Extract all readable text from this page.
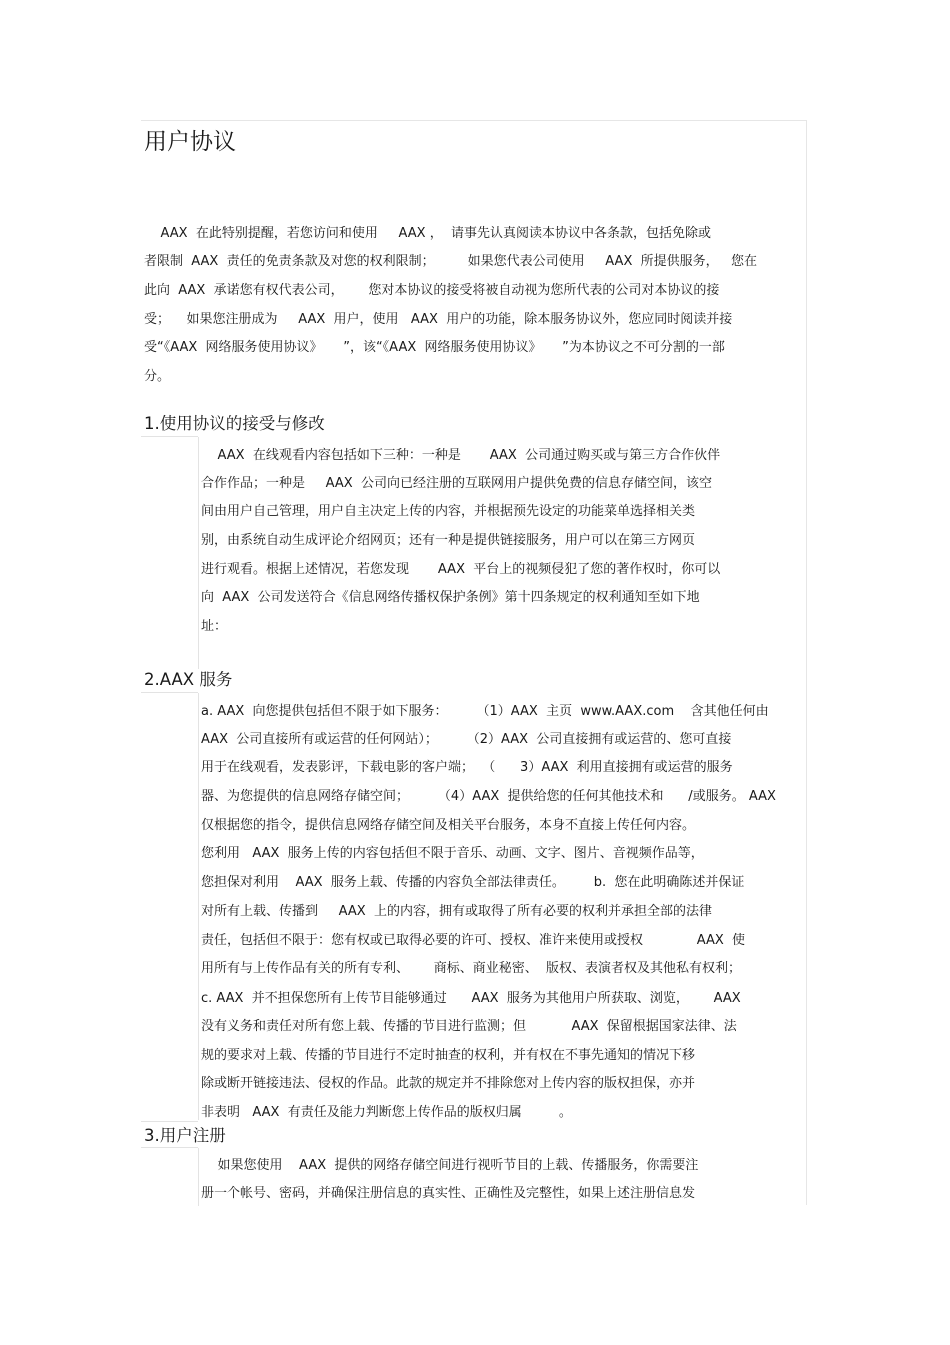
用户协议

AAX  在此特别提醒，若您访问和使用     AAX ，  请事先认真阅读本协议中各条款，包括免除或

者限制  AAX  责任的免责条款及对您的权利限制；        如果您代表公司使用     AAX  所提供服务，   您在

此向  AAX  承诺您有权代表公司，      您对本协议的接受将被自动视为您所代表的公司对本协议的接

受；    如果您注册成为     AAX  用户，使用   AAX  用户的功能，除本服务协议外，您应同时阅读并接

受“《AAX  网络服务使用协议》     ”，该“《AAX  网络服务使用协议》     ”为本协议之不可分割的一部

分。

1.使用协议的接受与修改

AAX  在线观看内容包括如下三种：一种是       AAX  公司通过购买或与第三方合作伙伴

合作作品；一种是     AAX  公司向已经注册的互联网用户提供免费的信息存储空间，该空

间由用户自己管理，用户自主决定上传的内容，并根据预先设定的功能菜单选择相关类

别，由系统自动生成评论介绍网页；还有一种是提供链接服务，用户可以在第三方网页

进行观看。根据上述情况，若您发现       AAX  平台上的视频侵犯了您的著作权时，你可以

向  AAX  公司发送符合《信息网络传播权保护条例》第十四条规定的权利通知至如下地

址：

2.AAX 服务

a. AAX  向您提供包括但不限于如下服务：       （1）AAX  主页  www.AAX.com    含其他任何由

AAX  公司直接所有或运营的任何网站）；       （2）AAX  公司直接拥有或运营的、您可直接

用于在线观看，发表影评，下载电影的客户端；  （      3）AAX  利用直接拥有或运营的服务

器、为您提供的信息网络存储空间；       （4）AAX  提供给您的任何其他技术和      /或服务。 AAX

仅根据您的指令，提供信息网络存储空间及相关平台服务，本身不直接上传任何内容。

您利用   AAX  服务上传的内容包括但不限于音乐、动画、文字、图片、音视频作品等，

您担保对利用    AAX  服务上载、传播的内容负全部法律责任。       b.  您在此明确陈述并保证

对所有上载、传播到     AAX  上的内容，拥有或取得了所有必要的权利并承担全部的法律

责任，包括但不限于：您有权或已取得必要的许可、授权、准许来使用或授权             AAX  使

用所有与上传作品有关的所有专利、      商标、商业秘密、  版权、表演者权及其他私有权利；

c. AAX  并不担保您所有上传节目能够通过      AAX  服务为其他用户所获取、浏览，      AAX

没有义务和责任对所有您上载、传播的节目进行监测；但           AAX  保留根据国家法律、法

规的要求对上载、传播的节目进行不定时抽查的权利，并有权在不事先通知的情况下移

除或断开链接违法、侵权的作品。此款的规定并不排除您对上传内容的版权担保，亦并

非表明   AAX  有责任及能力判断您上传作品的版权归属         。

3.用户注册

如果您使用    AAX  提供的网络存储空间进行视听节目的上载、传播服务，你需要注

册一个帐号、密码，并确保注册信息的真实性、正确性及完整性，如果上述注册信息发
